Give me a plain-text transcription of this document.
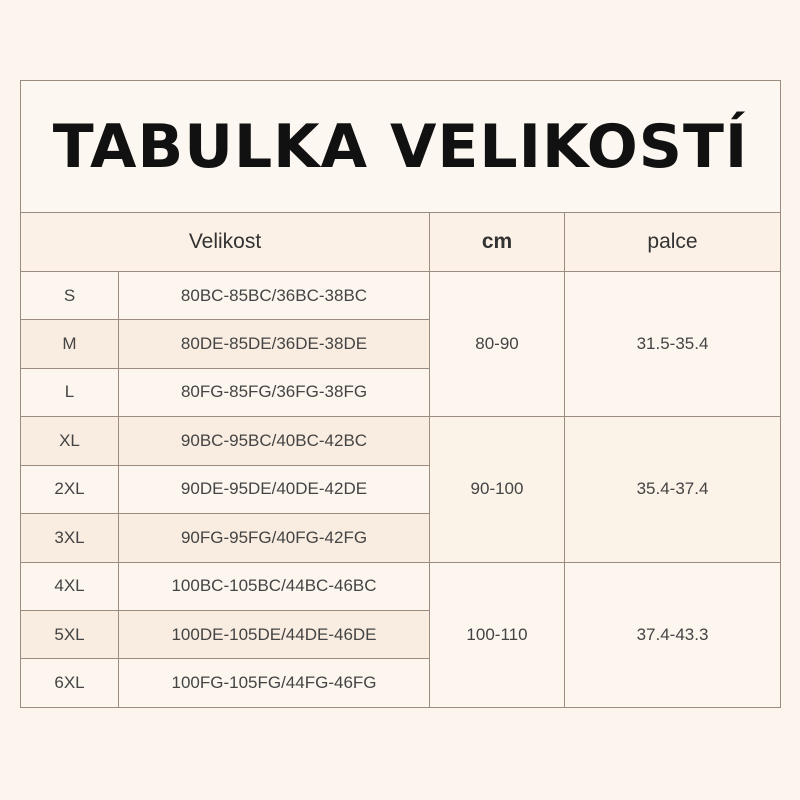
TABULKA VELIKOSTÍ			
Velikost		cm	palce
S	80BC-85BC/36BC-38BC	80-90	31.5-35.4
M	80DE-85DE/36DE-38DE		
L	80FG-85FG/36FG-38FG		
XL	90BC-95BC/40BC-42BC	90-100	35.4-37.4
2XL	90DE-95DE/40DE-42DE		
3XL	90FG-95FG/40FG-42FG		
4XL	100BC-105BC/44BC-46BC	100-110	37.4-43.3
5XL	100DE-105DE/44DE-46DE		
6XL	100FG-105FG/44FG-46FG		
